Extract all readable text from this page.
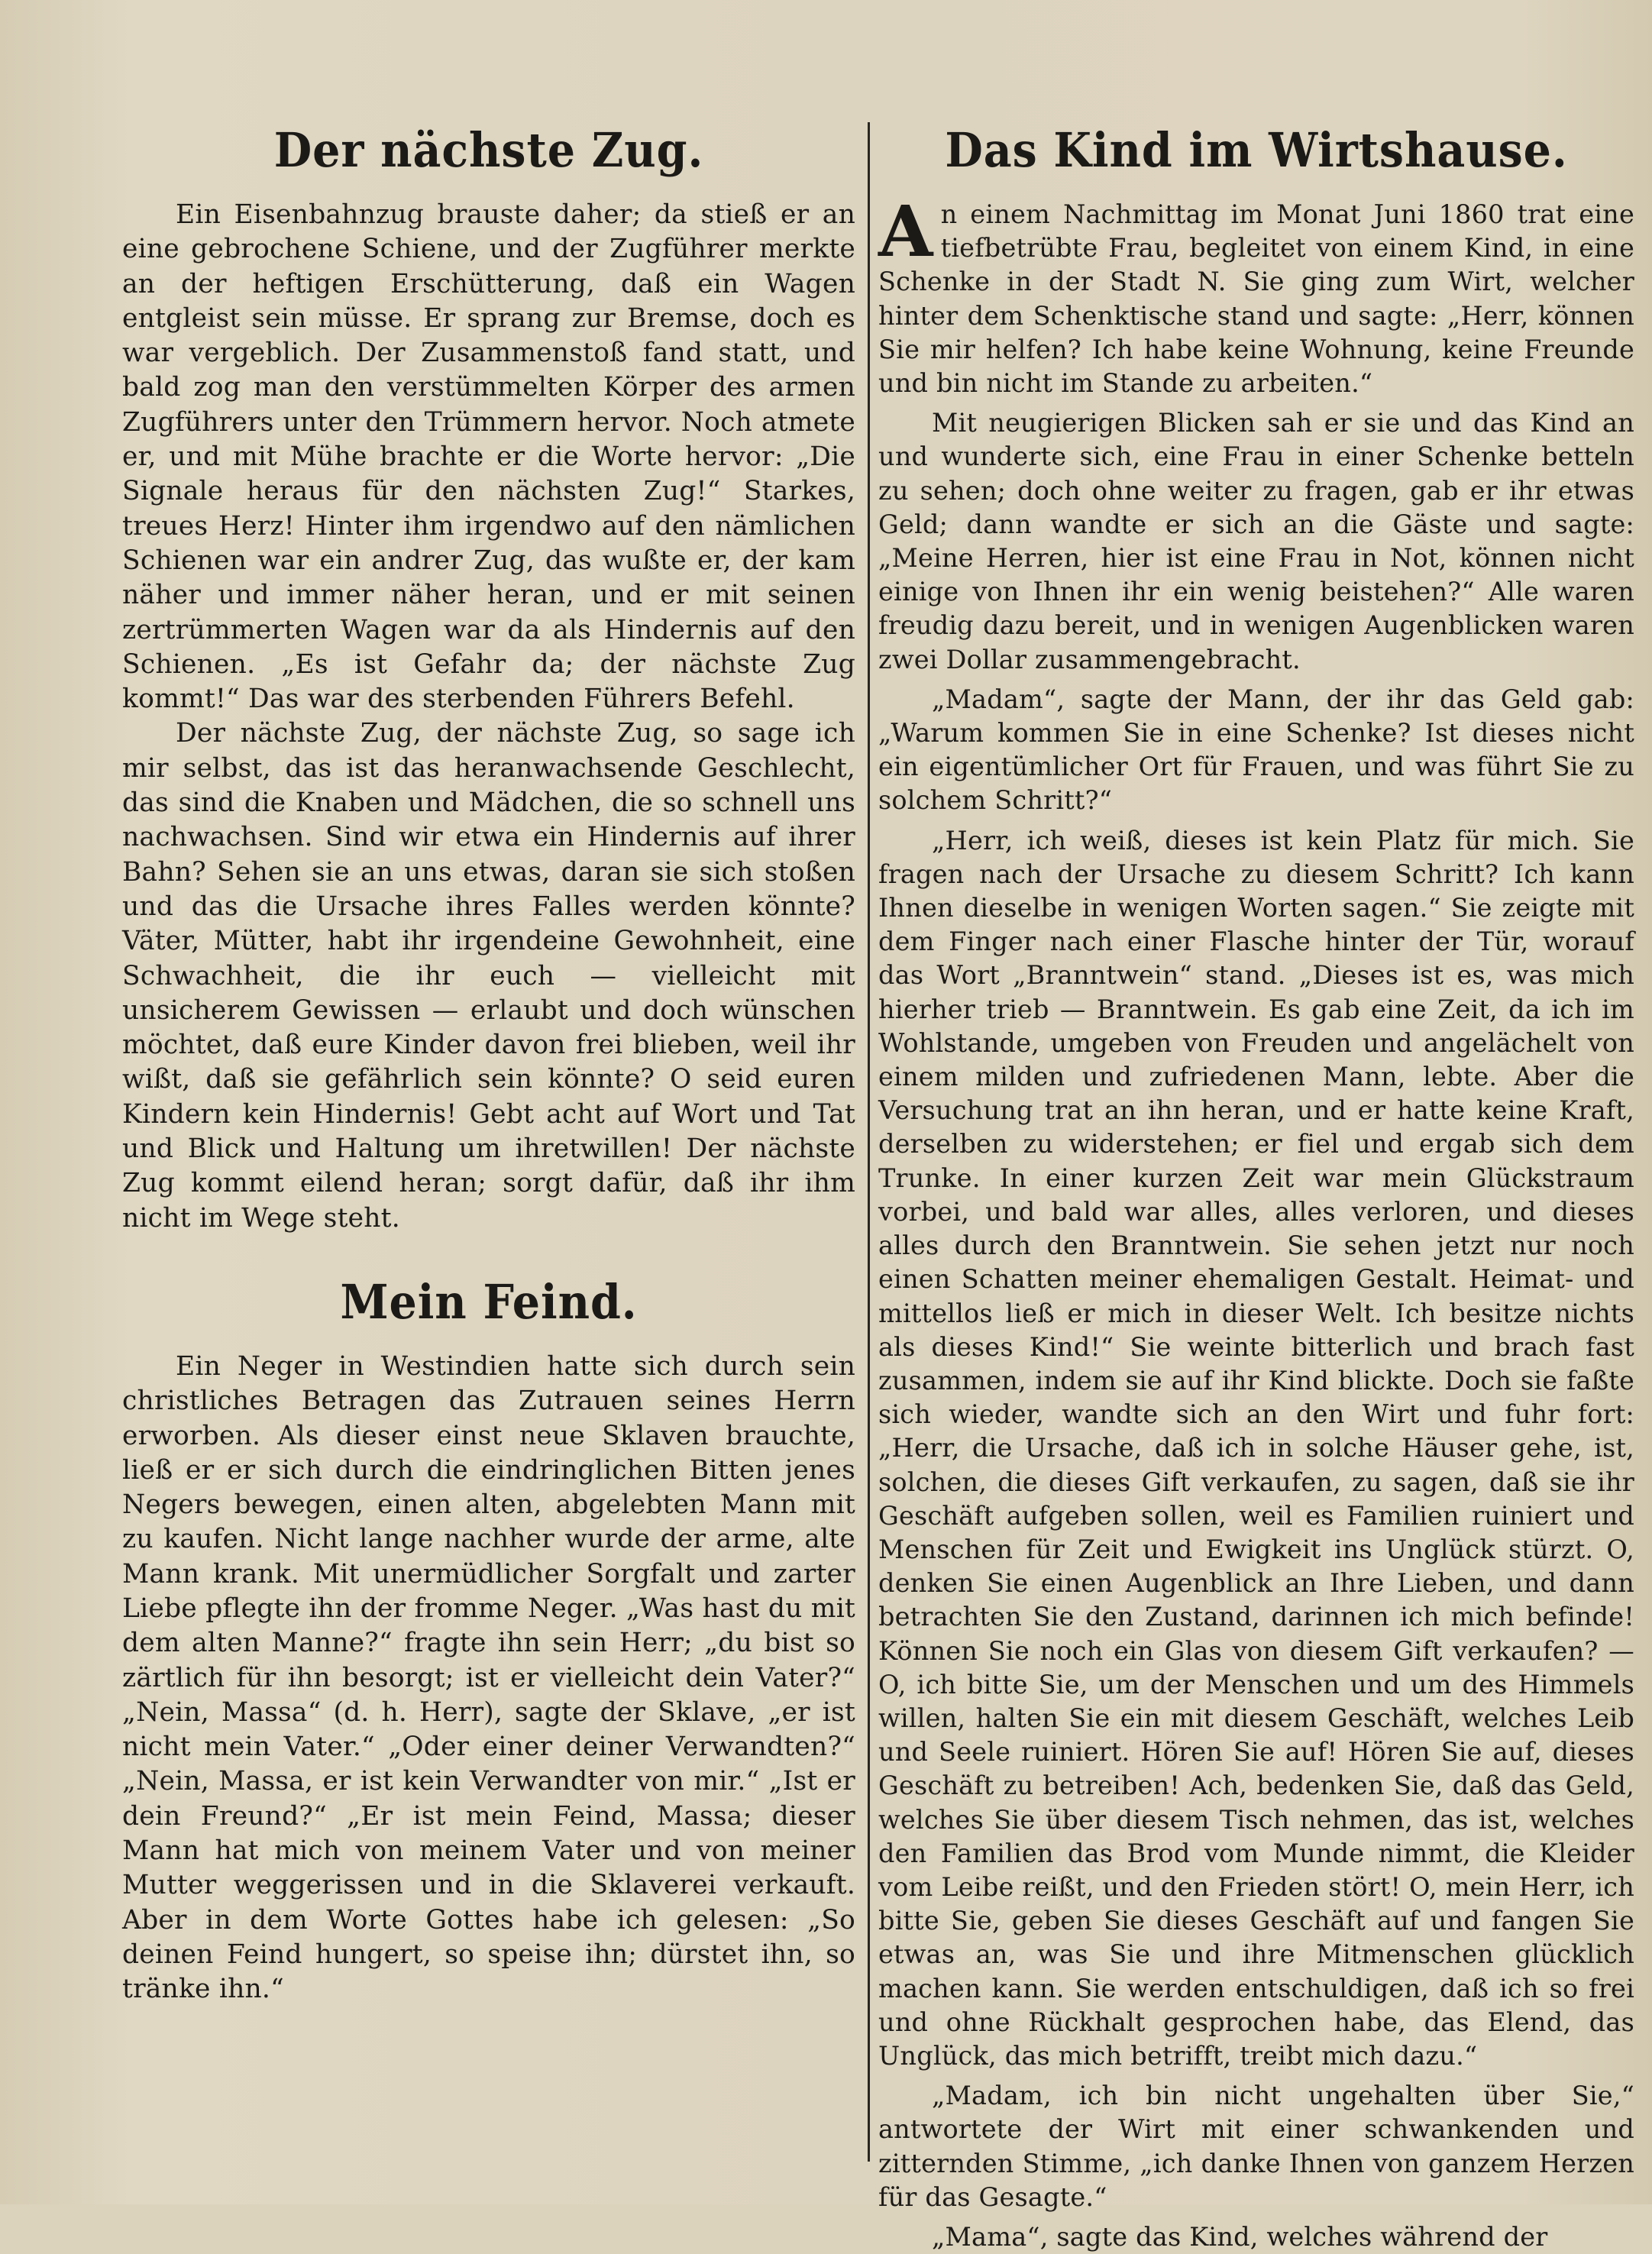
Der nächste Zug.

Ein Eisenbahnzug brauste daher; da stieß er an eine gebrochene Schiene, und der Zugführer merkte an der heftigen Erschütterung, daß ein Wagen entgleist sein müsse. Er sprang zur Bremse, doch es war vergeblich. Der Zusammenstoß fand statt, und bald zog man den verstümmelten Körper des armen Zugführers unter den Trümmern hervor. Noch atmete er, und mit Mühe brachte er die Worte hervor: „Die Signale heraus für den nächsten Zug!“ Starkes, treues Herz! Hinter ihm irgendwo auf den nämlichen Schienen war ein andrer Zug, das wußte er, der kam näher und immer näher heran, und er mit seinen zertrümmerten Wagen war da als Hindernis auf den Schienen. „Es ist Gefahr da; der nächste Zug kommt!“ Das war des sterbenden Führers Befehl.

Der nächste Zug, der nächste Zug, so sage ich mir selbst, das ist das heranwachsende Geschlecht, das sind die Knaben und Mädchen, die so schnell uns nachwachsen. Sind wir etwa ein Hindernis auf ihrer Bahn? Sehen sie an uns etwas, daran sie sich stoßen und das die Ursache ihres Falles werden könnte? Väter, Mütter, habt ihr irgendeine Gewohnheit, eine Schwachheit, die ihr euch — vielleicht mit unsicherem Gewissen — erlaubt und doch wünschen möchtet, daß eure Kinder davon frei blieben, weil ihr wißt, daß sie gefährlich sein könnte? O seid euren Kindern kein Hindernis! Gebt acht auf Wort und Tat und Blick und Haltung um ihretwillen! Der nächste Zug kommt eilend heran; sorgt dafür, daß ihr ihm nicht im Wege steht.

Mein Feind.

Ein Neger in Westindien hatte sich durch sein christliches Betragen das Zutrauen seines Herrn erworben. Als dieser einst neue Sklaven brauchte, ließ er er sich durch die eindringlichen Bitten jenes Negers bewegen, einen alten, abgelebten Mann mit zu kaufen. Nicht lange nachher wurde der arme, alte Mann krank. Mit unermüdlicher Sorgfalt und zarter Liebe pflegte ihn der fromme Neger. „Was hast du mit dem alten Manne?“ fragte ihn sein Herr; „du bist so zärtlich für ihn besorgt; ist er vielleicht dein Vater?“ „Nein, Massa“ (d. h. Herr), sagte der Sklave, „er ist nicht mein Vater.“ „Oder einer deiner Verwandten?“ „Nein, Massa, er ist kein Verwandter von mir.“ „Ist er dein Freund?“ „Er ist mein Feind, Massa; dieser Mann hat mich von meinem Vater und von meiner Mutter weggerissen und in die Sklaverei verkauft. Aber in dem Worte Gottes habe ich gelesen: „So deinen Feind hungert, so speise ihn; dürstet ihn, so tränke ihn.“

Das Kind im Wirtshause.

An einem Nachmittag im Monat Juni 1860 trat eine tiefbetrübte Frau, begleitet von einem Kind, in eine Schenke in der Stadt N. Sie ging zum Wirt, welcher hinter dem Schenktische stand und sagte: „Herr, können Sie mir helfen? Ich habe keine Wohnung, keine Freunde und bin nicht im Stande zu arbeiten.“

Mit neugierigen Blicken sah er sie und das Kind an und wunderte sich, eine Frau in einer Schenke betteln zu sehen; doch ohne weiter zu fragen, gab er ihr etwas Geld; dann wandte er sich an die Gäste und sagte: „Meine Herren, hier ist eine Frau in Not, können nicht einige von Ihnen ihr ein wenig beistehen?“ Alle waren freudig dazu bereit, und in wenigen Augenblicken waren zwei Dollar zusammengebracht.

„Madam“, sagte der Mann, der ihr das Geld gab: „Warum kommen Sie in eine Schenke? Ist dieses nicht ein eigentümlicher Ort für Frauen, und was führt Sie zu solchem Schritt?“

„Herr, ich weiß, dieses ist kein Platz für mich. Sie fragen nach der Ursache zu diesem Schritt? Ich kann Ihnen dieselbe in wenigen Worten sagen.“ Sie zeigte mit dem Finger nach einer Flasche hinter der Tür, worauf das Wort „Branntwein“ stand. „Dieses ist es, was mich hierher trieb — Branntwein. Es gab eine Zeit, da ich im Wohlstande, umgeben von Freuden und angelächelt von einem milden und zufriedenen Mann, lebte. Aber die Versuchung trat an ihn heran, und er hatte keine Kraft, derselben zu widerstehen; er fiel und ergab sich dem Trunke. In einer kurzen Zeit war mein Glückstraum vorbei, und bald war alles, alles verloren, und dieses alles durch den Branntwein. Sie sehen jetzt nur noch einen Schatten meiner ehemaligen Gestalt. Heimat- und mittellos ließ er mich in dieser Welt. Ich besitze nichts als dieses Kind!“ Sie weinte bitterlich und brach fast zusammen, indem sie auf ihr Kind blickte. Doch sie faßte sich wieder, wandte sich an den Wirt und fuhr fort: „Herr, die Ursache, daß ich in solche Häuser gehe, ist, solchen, die dieses Gift verkaufen, zu sagen, daß sie ihr Geschäft aufgeben sollen, weil es Familien ruiniert und Menschen für Zeit und Ewigkeit ins Unglück stürzt. O, denken Sie einen Augenblick an Ihre Lieben, und dann betrachten Sie den Zustand, darinnen ich mich befinde! Können Sie noch ein Glas von diesem Gift verkaufen? — O, ich bitte Sie, um der Menschen und um des Himmels willen, halten Sie ein mit diesem Geschäft, welches Leib und Seele ruiniert. Hören Sie auf! Hören Sie auf, dieses Geschäft zu betreiben! Ach, bedenken Sie, daß das Geld, welches Sie über diesem Tisch nehmen, das ist, welches den Familien das Brod vom Munde nimmt, die Kleider vom Leibe reißt, und den Frieden stört! O, mein Herr, ich bitte Sie, geben Sie dieses Geschäft auf und fangen Sie etwas an, was Sie und ihre Mitmenschen glücklich machen kann. Sie werden entschuldigen, daß ich so frei und ohne Rückhalt gesprochen habe, das Elend, das Unglück, das mich betrifft, treibt mich dazu.“

„Madam, ich bin nicht ungehalten über Sie,“ antwortete der Wirt mit einer schwankenden und zitternden Stimme, „ich danke Ihnen von ganzem Herzen für das Gesagte.“

„Mama“, sagte das Kind, welches während der
